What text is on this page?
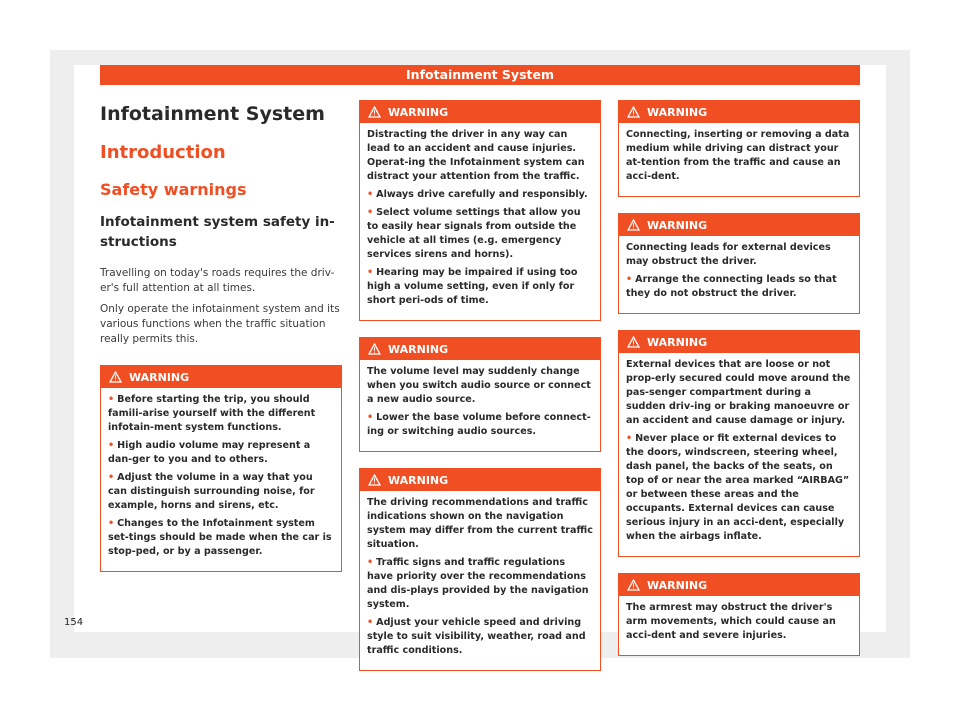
Infotainment System
Infotainment System
Introduction
Safety warnings
Infotainment system safety in-structions

Travelling on today's roads requires the driv-er's full attention at all times.

Only operate the infotainment system and its various functions when the traffic situation really permits this.

WARNING

• Before starting the trip, you should famili-arise yourself with the different infotain-ment system functions.

• High audio volume may represent a dan-ger to you and to others.

• Adjust the volume in a way that you can distinguish surrounding noise, for example, horns and sirens, etc.

• Changes to the Infotainment system set-tings should be made when the car is stop-ped, or by a passenger.

WARNING

Distracting the driver in any way can lead to an accident and cause injuries. Operat-ing the Infotainment system can distract your attention from the traffic.

• Always drive carefully and responsibly.

• Select volume settings that allow you to easily hear signals from outside the vehicle at all times (e.g. emergency services sirens and horns).

• Hearing may be impaired if using too high a volume setting, even if only for short peri-ods of time.

WARNING

The volume level may suddenly change when you switch audio source or connect a new audio source.

• Lower the base volume before connect-ing or switching audio sources.

WARNING

The driving recommendations and traffic indications shown on the navigation system may differ from the current traffic situation.

• Traffic signs and traffic regulations have priority over the recommendations and dis-plays provided by the navigation system.

• Adjust your vehicle speed and driving style to suit visibility, weather, road and traffic conditions.

WARNING

Connecting, inserting or removing a data medium while driving can distract your at-tention from the traffic and cause an acci-dent.

WARNING

Connecting leads for external devices may obstruct the driver.

• Arrange the connecting leads so that they do not obstruct the driver.

WARNING

External devices that are loose or not prop-erly secured could move around the pas-senger compartment during a sudden driv-ing or braking manoeuvre or an accident and cause damage or injury.

• Never place or fit external devices to the doors, windscreen, steering wheel, dash panel, the backs of the seats, on top of or near the area marked “AIRBAG” or between these areas and the occupants. External devices can cause serious injury in an acci-dent, especially when the airbags inflate.

WARNING

The armrest may obstruct the driver's arm movements, which could cause an acci-dent and severe injuries.

154
